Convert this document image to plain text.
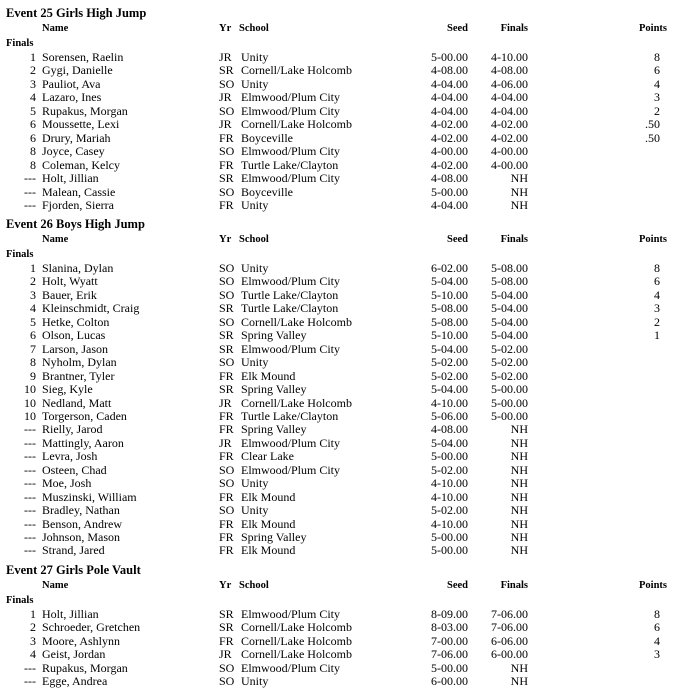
Event 25 Girls High Jump
Name	Yr School	Seed	Finals	Points
Finals
1 Sorensen, Raelin	JR Unity	5-00.00	4-10.00	8
2 Gygi, Danielle	SR Cornell/Lake Holcomb	4-08.00	4-08.00	6
3 Pauliot, Ava	SO Unity	4-04.00	4-06.00	4
4 Lazaro, Ines	JR Elmwood/Plum City	4-04.00	4-04.00	3
5 Rupakus, Morgan	SO Elmwood/Plum City	4-04.00	4-04.00	2
6 Moussette, Lexi	JR Cornell/Lake Holcomb	4-02.00	4-02.00	.50
6 Drury, Mariah	FR Boyceville	4-02.00	4-02.00	.50
8 Joyce, Casey	SO Elmwood/Plum City	4-00.00	4-00.00
8 Coleman, Kelcy	FR Turtle Lake/Clayton	4-02.00	4-00.00
--- Holt, Jillian	SR Elmwood/Plum City	4-08.00	NH
--- Malean, Cassie	SO Boyceville	5-00.00	NH
--- Fjorden, Sierra	FR Unity	4-04.00	NH
Event 26 Boys High Jump
Name	Yr School	Seed	Finals	Points
Finals
1 Slanina, Dylan	SO Unity	6-02.00	5-08.00	8
2 Holt, Wyatt	SO Elmwood/Plum City	5-04.00	5-08.00	6
3 Bauer, Erik	SO Turtle Lake/Clayton	5-10.00	5-04.00	4
4 Kleinschmidt, Craig	SR Turtle Lake/Clayton	5-08.00	5-04.00	3
5 Hetke, Colton	SO Cornell/Lake Holcomb	5-08.00	5-04.00	2
6 Olson, Lucas	SR Spring Valley	5-10.00	5-04.00	1
7 Larson, Jason	SR Elmwood/Plum City	5-04.00	5-02.00
8 Nyholm, Dylan	SO Unity	5-02.00	5-02.00
9 Brantner, Tyler	FR Elk Mound	5-02.00	5-02.00
10 Sieg, Kyle	SR Spring Valley	5-04.00	5-00.00
10 Nedland, Matt	JR Cornell/Lake Holcomb	4-10.00	5-00.00
10 Torgerson, Caden	FR Turtle Lake/Clayton	5-06.00	5-00.00
--- Rielly, Jarod	FR Spring Valley	4-08.00	NH
--- Mattingly, Aaron	JR Elmwood/Plum City	5-04.00	NH
--- Levra, Josh	FR Clear Lake	5-00.00	NH
--- Osteen, Chad	SO Elmwood/Plum City	5-02.00	NH
--- Moe, Josh	SO Unity	4-10.00	NH
--- Muszinski, William	FR Elk Mound	4-10.00	NH
--- Bradley, Nathan	SO Unity	5-02.00	NH
--- Benson, Andrew	FR Elk Mound	4-10.00	NH
--- Johnson, Mason	FR Spring Valley	5-00.00	NH
--- Strand, Jared	FR Elk Mound	5-00.00	NH
Event 27 Girls Pole Vault
Name	Yr School	Seed	Finals	Points
Finals
1 Holt, Jillian	SR Elmwood/Plum City	8-09.00	7-06.00	8
2 Schroeder, Gretchen	SR Cornell/Lake Holcomb	8-03.00	7-06.00	6
3 Moore, Ashlynn	FR Cornell/Lake Holcomb	7-00.00	6-06.00	4
4 Geist, Jordan	JR Cornell/Lake Holcomb	7-06.00	6-00.00	3
--- Rupakus, Morgan	SO Elmwood/Plum City	5-00.00	NH
--- Egge, Andrea	SO Unity	6-00.00	NH
